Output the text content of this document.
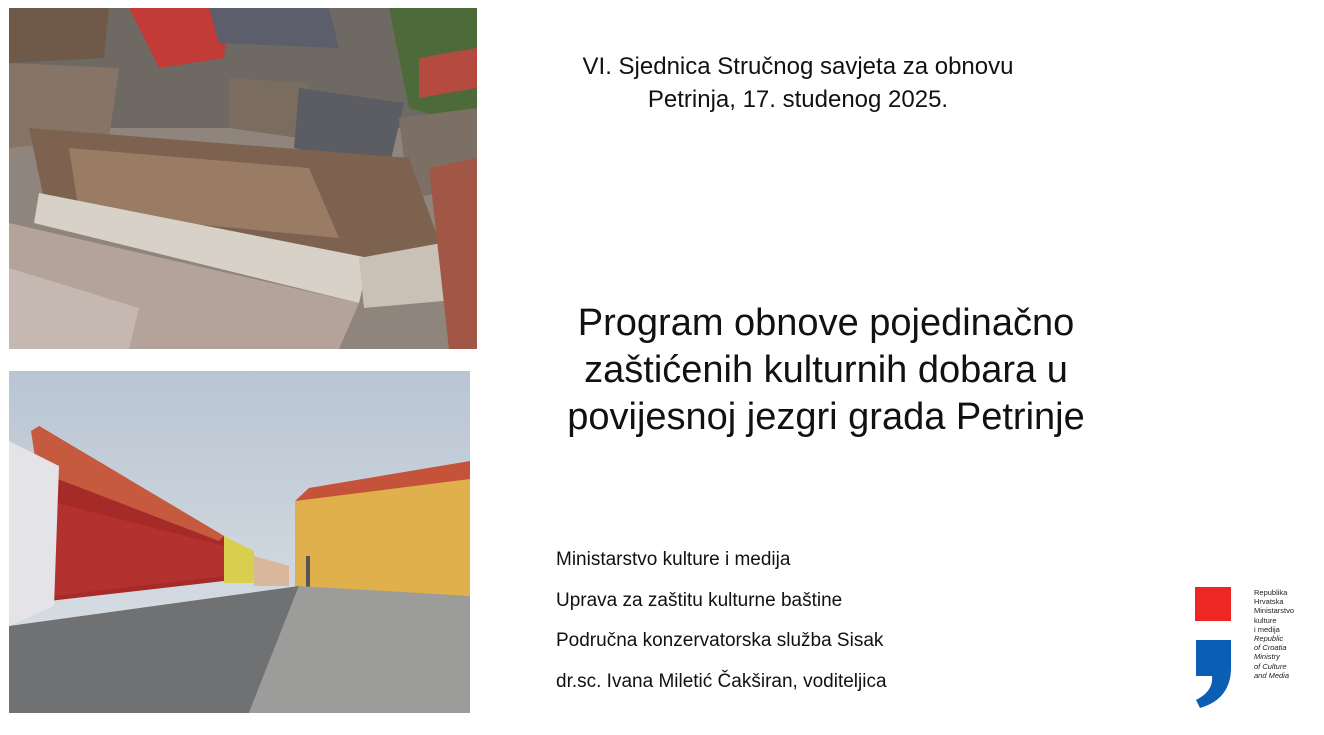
VI. Sjednica Stručnog savjeta za obnovu
Petrinja, 17. studenog 2025.
Program obnove pojedinačno
zaštićenih kulturnih dobara u
povijesnoj jezgri grada Petrinje
Ministarstvo kulture i medija
Uprava za zaštitu kulturne baštine
Područna konzervatorska služba Sisak
dr.sc. Ivana Miletić Čakširan, voditeljica
Republika
Hrvatska
Ministarstvo
kulture
i medija
Republic
of Croatia
Ministry
of Culture
and Media
